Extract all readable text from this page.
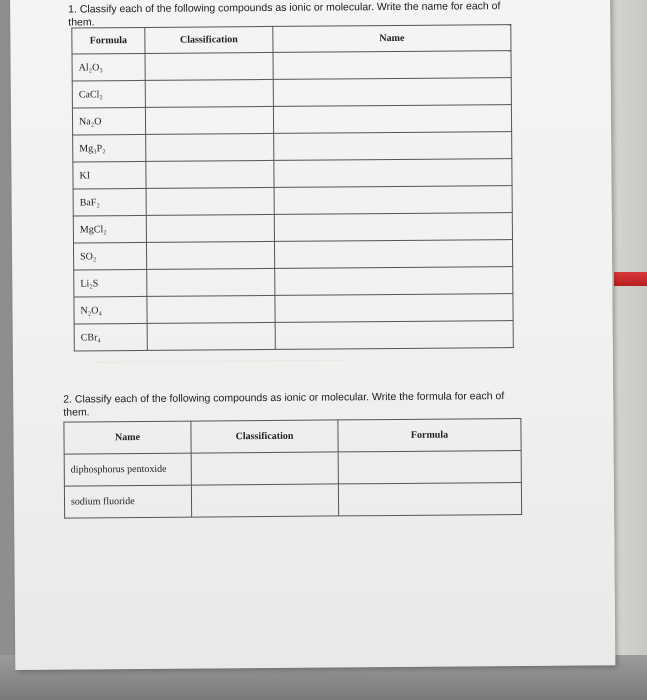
1. Classify each of the following compounds as ionic or molecular. Write the name for each of them.
Formula	Classification	Name
Al₂O₃		
CaCl₂		
Na₂O		
Mg₃P₂		
KI		
BaF₂		
MgCl₂		
SO₂		
Li₂S		
N₂O₄		
CBr₄		
·····························································································
2. Classify each of the following compounds as ionic or molecular. Write the formula for each of them.
Name	Classification	Formula
diphosphorus pentoxide		
sodium fluoride		
